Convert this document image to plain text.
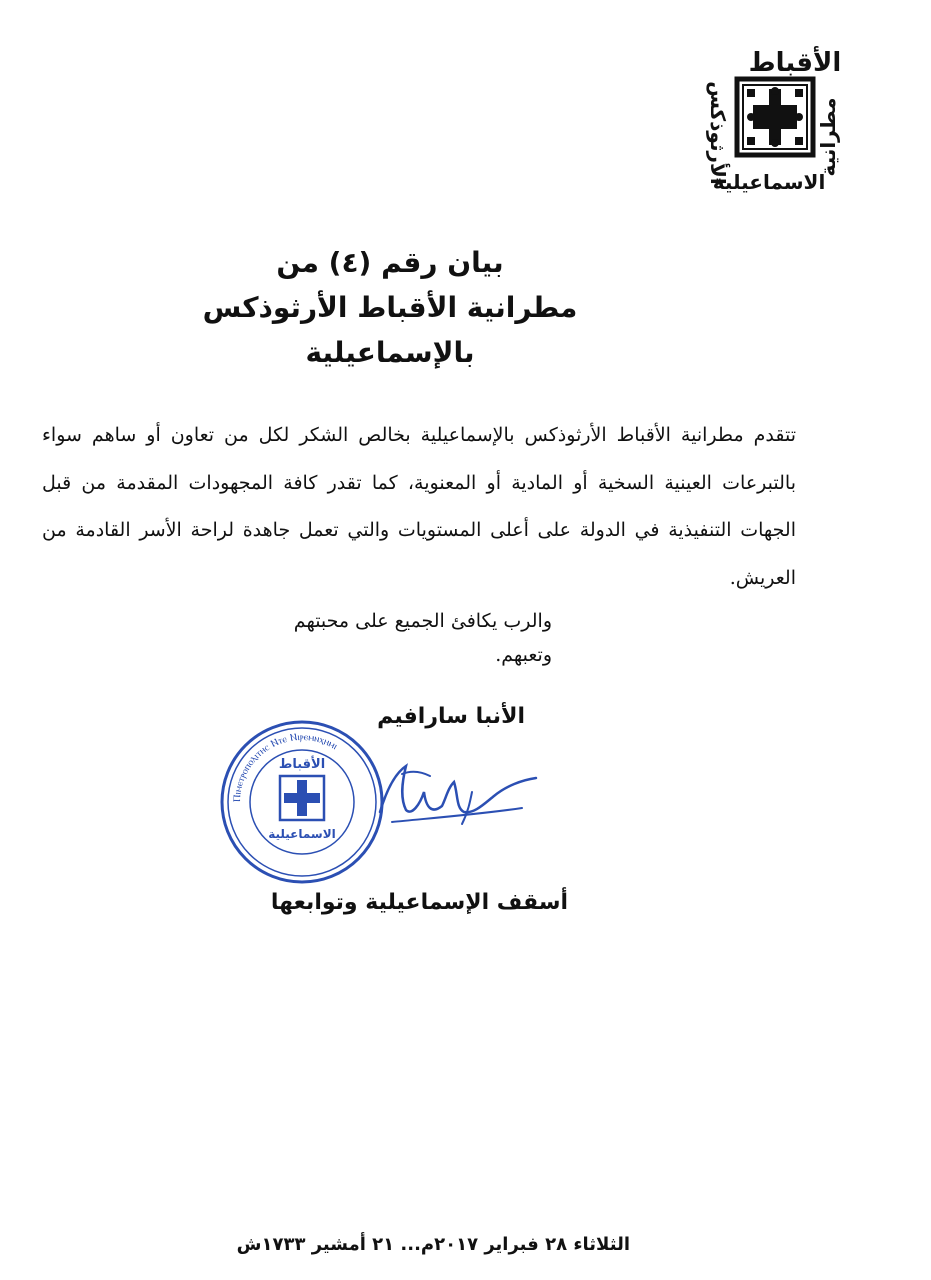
الأقباط
الأرثوذكس	مطرانية
الاسماعيلية
بيان رقم (٤) من
مطرانية الأقباط الأرثوذكس
بالإسماعيلية
تتقدم مطرانية الأقباط الأرثوذكس بالإسماعيلية بخالص الشكر لكل من تعاون أو ساهم سواء بالتبرعات العينية السخية أو المادية أو المعنوية، كما تقدر كافة المجهودات المقدمة من قبل الجهات التنفيذية في الدولة على أعلى المستويات والتي تعمل جاهدة لراحة الأسر القادمة من العريش.
والرب يكافئ الجميع على محبتهم وتعبهم.
الأنبا سارافيم
Ⲡⲓⲙⲉⲧⲣⲟⲡⲟⲗⲓⲧⲏⲥ Ⲛⲧⲉ Ⲛⲓⲣⲉⲙⲛⲭⲏⲙⲓ
الأقباط
الاسماعيلية
أسقف الإسماعيلية وتوابعها
الثلاثاء ٢٨ فبراير ٢٠١٧م... ٢١ أمشير ١٧٣٣ش
